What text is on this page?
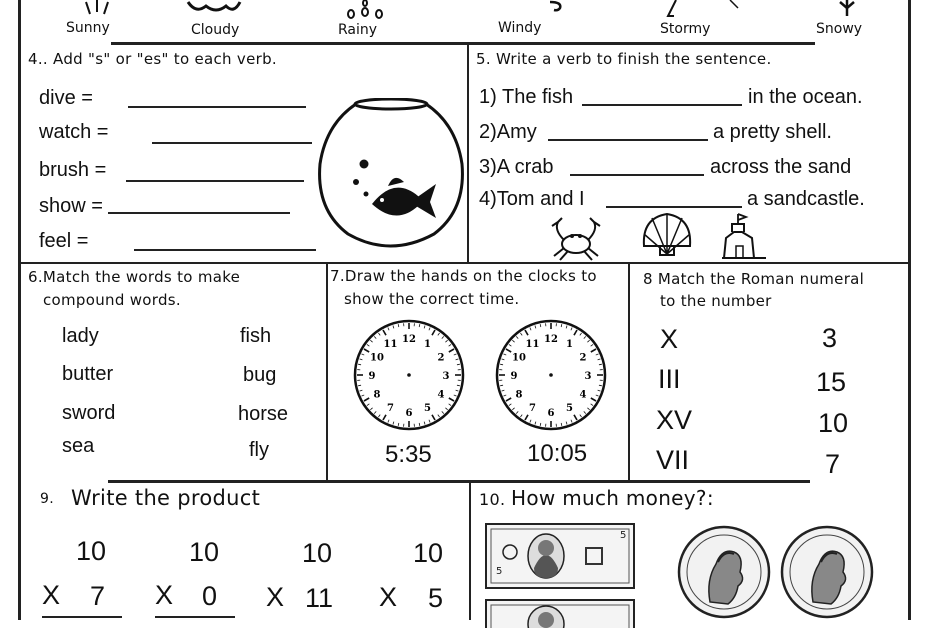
Sunny	Cloudy	Rainy	Windy	Stormy	Snowy
4.. Add "s" or "es" to each verb.
dive =
watch =
brush =
show =
feel =
5. Write a verb to finish the sentence.
1) The fish	in the ocean.
2)Amy	a pretty shell.
3)A crab	across the sand
4)Tom and I	a sandcastle.
6.Match the words to make
compound words.
lady
butter
sword
sea
fish
bug
horse
fly
7.Draw the hands on the clocks to
show the correct time.
1
2
3
4
5
6
7
8
9
10
11 12	1
2
3
4
5
6
7
8
9
10
11 12
5:35	10:05
8 Match the Roman numeral
to the number
X
III
XV
VII
3
15
10
7
9. Write the product
10
X 7
10
X 0
10
X 11
10
X 5
10. How much money?:
5
5
